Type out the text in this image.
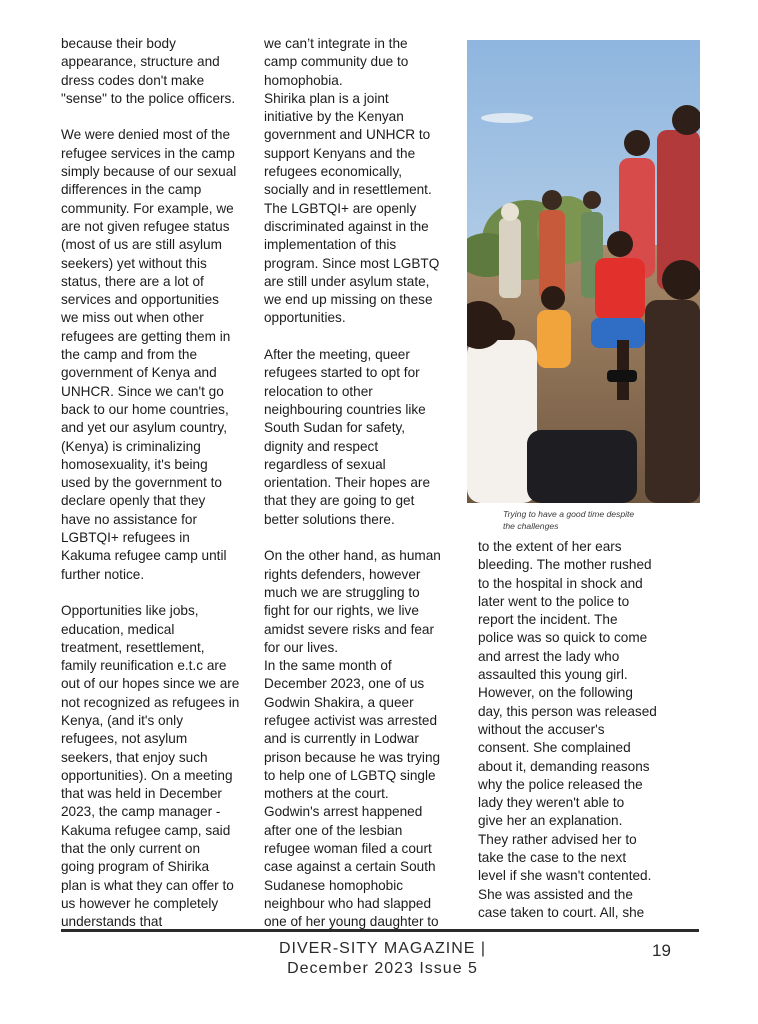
because their body
appearance, structure and
dress codes don't make
"sense" to the police officers.

We were denied most of the
refugee services in the camp
simply because of our sexual
differences in the camp
community. For example, we
are not given refugee status
(most of us are still asylum
seekers) yet without this
status, there are a lot of
services and opportunities
we miss out when other
refugees are getting them in
the camp and from the
government of Kenya and
UNHCR. Since we can't go
back to our home countries,
and yet our asylum country,
(Kenya) is criminalizing
homosexuality, it's being
used by the government to
declare openly that they
have no assistance for
LGBTQI+ refugees in
Kakuma refugee camp until
further notice.

Opportunities like jobs,
education, medical
treatment, resettlement,
family reunification e.t.c are
out of our hopes since we are
not recognized as refugees in
Kenya, (and it's only
refugees, not asylum
seekers, that enjoy such
opportunities). On a meeting
that was held in December
2023, the camp manager -
Kakuma refugee camp, said
that the only current on
going program of Shirika
plan is what they can offer to
us however he completely
understands that
we can’t integrate in the
camp community due to
homophobia.
Shirika plan is a joint
initiative by the Kenyan
government and UNHCR to
support Kenyans and the
refugees economically,
socially and in resettlement.
The LGBTQI+ are openly
discriminated against in the
implementation of this
program. Since most LGBTQ
are still under asylum state,
we end up missing on these
opportunities.

After the meeting, queer
refugees started to opt for
relocation to other
neighbouring countries like
South Sudan for safety,
dignity and respect
regardless of sexual
orientation. Their hopes are
that they are going to get
better solutions there.

On the other hand, as human
rights defenders, however
much we are struggling to
fight for our rights, we live
amidst severe risks and fear
for our lives.
In the same month of
December 2023, one of us
Godwin Shakira, a queer
refugee activist was arrested
and is currently in Lodwar
prison because he was trying
to help one of LGBTQ single
mothers at the court.
Godwin's arrest happened
after one of the lesbian
refugee woman filed a court
case against a certain South
Sudanese homophobic
neighbour who had slapped
one of her young daughter to
Trying to have a good time despite
the challenges
to the extent of her ears
bleeding. The mother rushed
to the hospital in shock and
later went to the police to
report the incident. The
police was so quick to come
and arrest the lady who
assaulted this young girl.
However, on the following
day, this person was released
without the accuser's
consent. She complained
about it, demanding reasons
why the police released the
lady they weren't able to
give her an explanation.
They rather advised her to
take the case to the next
level if she wasn't contented.
She was assisted and the
case taken to court. All, she
DIVER-SITY MAGAZINE |
December 2023 Issue 5
19
